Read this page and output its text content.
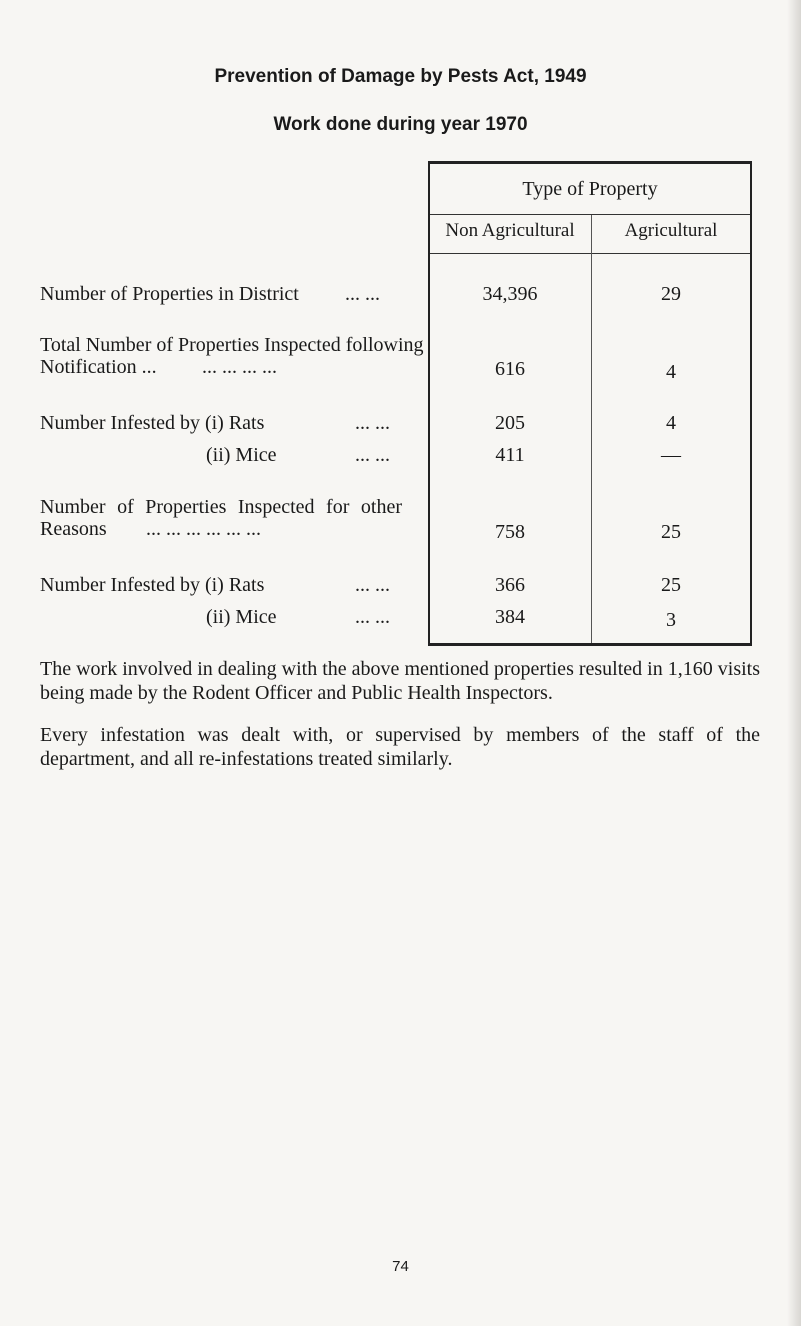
Prevention of Damage by Pests Act, 1949
Work done during year 1970
Type of Property
Non Agricultural	Agricultural
Number of Properties in District ... ...	34,396	29
Total Number of Properties Inspected following
Notification ... ... ... ... ...	616	4
Number Infested by (i) Rats	... ...	205	4
(ii) Mice	... ...	411	—
Number of Properties Inspected for other
Reasons ... ... ... ... ... ...	758	25
Number Infested by (i) Rats	... ...	366	25
(ii) Mice	... ...	384	3

The work involved in dealing with the above mentioned properties resulted in 1,160 visits being made by the Rodent Officer and Public Health Inspectors.

Every infestation was dealt with, or supervised by members of the staff of the department, and all re-infestations treated similarly.

74
